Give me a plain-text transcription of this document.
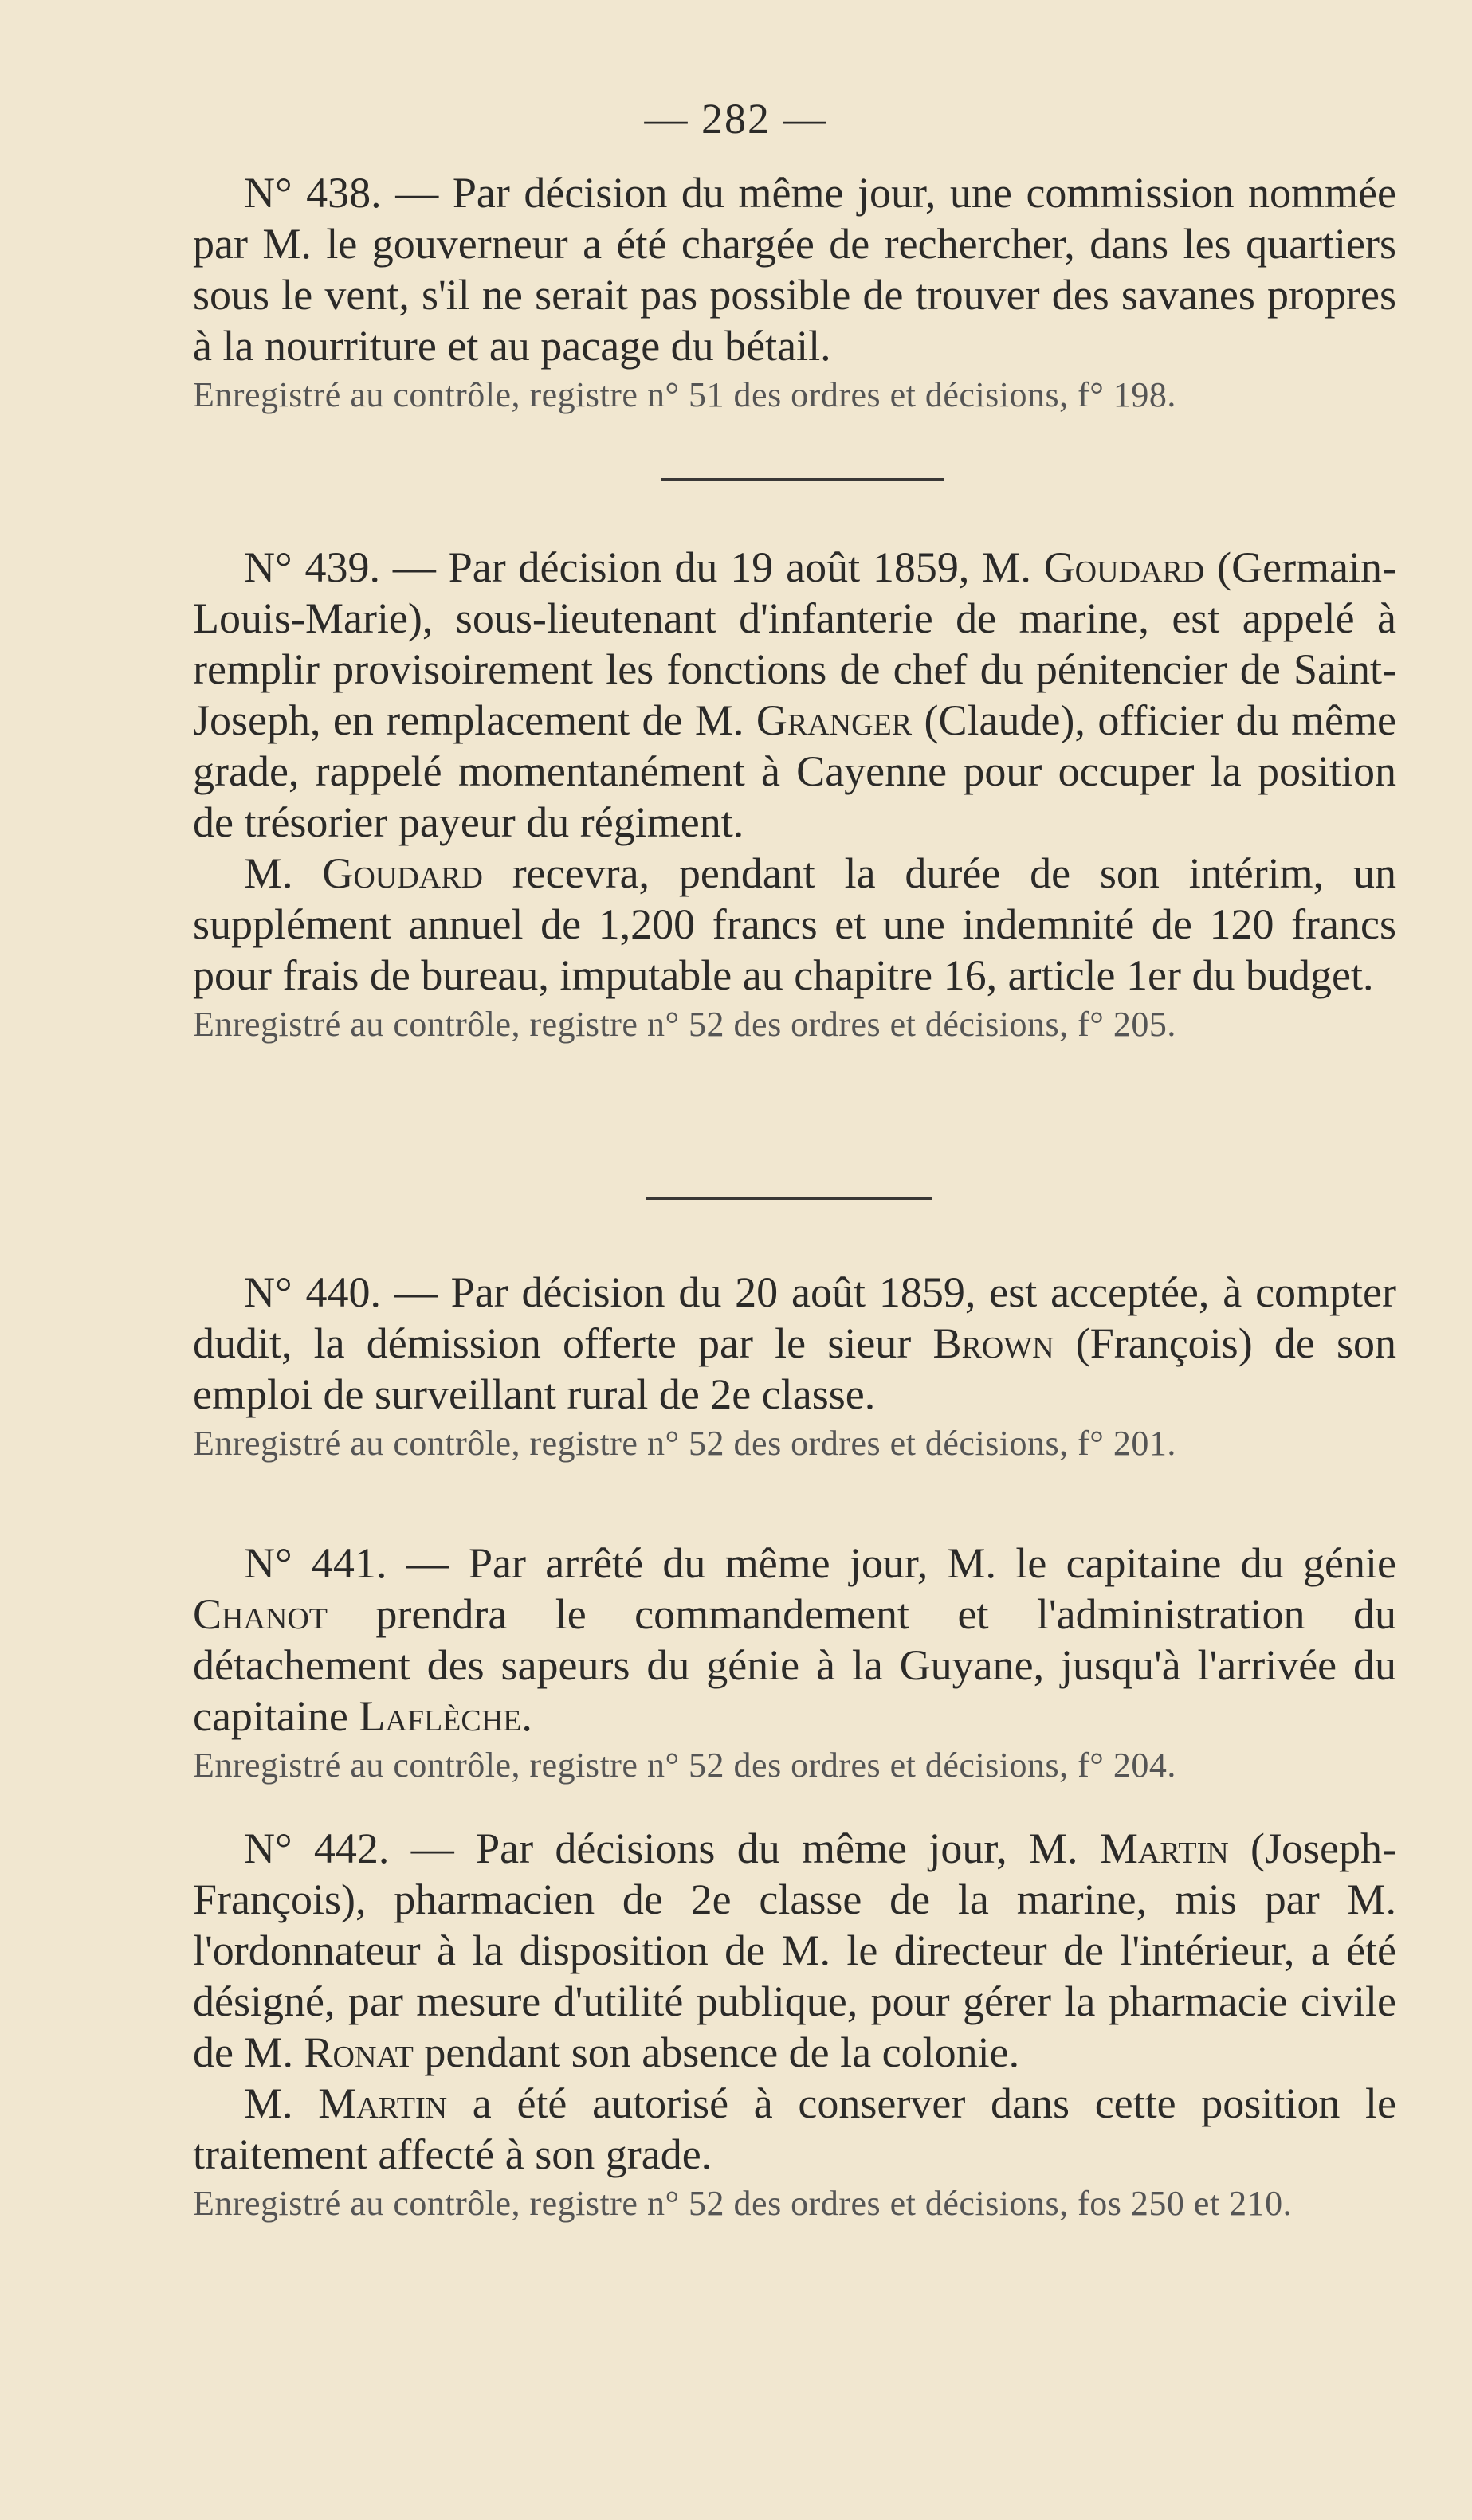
— 282 —

N° 438. — Par décision du même jour, une commission nommée par M. le gouverneur a été chargée de rechercher, dans les quartiers sous le vent, s'il ne serait pas possible de trouver des savanes propres à la nourriture et au pacage du bétail.

Enregistré au contrôle, registre n° 51 des ordres et décisions, f° 198.

N° 439. — Par décision du 19 août 1859, M. Goudard (Germain-Louis-Marie), sous-lieutenant d'infanterie de marine, est appelé à remplir provisoirement les fonctions de chef du pénitencier de Saint-Joseph, en remplacement de M. Granger (Claude), officier du même grade, rappelé momentanément à Cayenne pour occuper la position de trésorier payeur du régiment.

M. Goudard recevra, pendant la durée de son intérim, un supplément annuel de 1,200 francs et une indemnité de 120 francs pour frais de bureau, imputable au chapitre 16, article 1er du budget.

Enregistré au contrôle, registre n° 52 des ordres et décisions, f° 205.

N° 440. — Par décision du 20 août 1859, est acceptée, à compter dudit, la démission offerte par le sieur Brown (François) de son emploi de surveillant rural de 2e classe.

Enregistré au contrôle, registre n° 52 des ordres et décisions, f° 201.

N° 441. — Par arrêté du même jour, M. le capitaine du génie Chanot prendra le commandement et l'administration du détachement des sapeurs du génie à la Guyane, jusqu'à l'arrivée du capitaine Laflèche.

Enregistré au contrôle, registre n° 52 des ordres et décisions, f° 204.

N° 442. — Par décisions du même jour, M. Martin (Joseph-François), pharmacien de 2e classe de la marine, mis par M. l'ordonnateur à la disposition de M. le directeur de l'intérieur, a été désigné, par mesure d'utilité publique, pour gérer la pharmacie civile de M. Ronat pendant son absence de la colonie.

M. Martin a été autorisé à conserver dans cette position le traitement affecté à son grade.

Enregistré au contrôle, registre n° 52 des ordres et décisions, fos 250 et 210.
